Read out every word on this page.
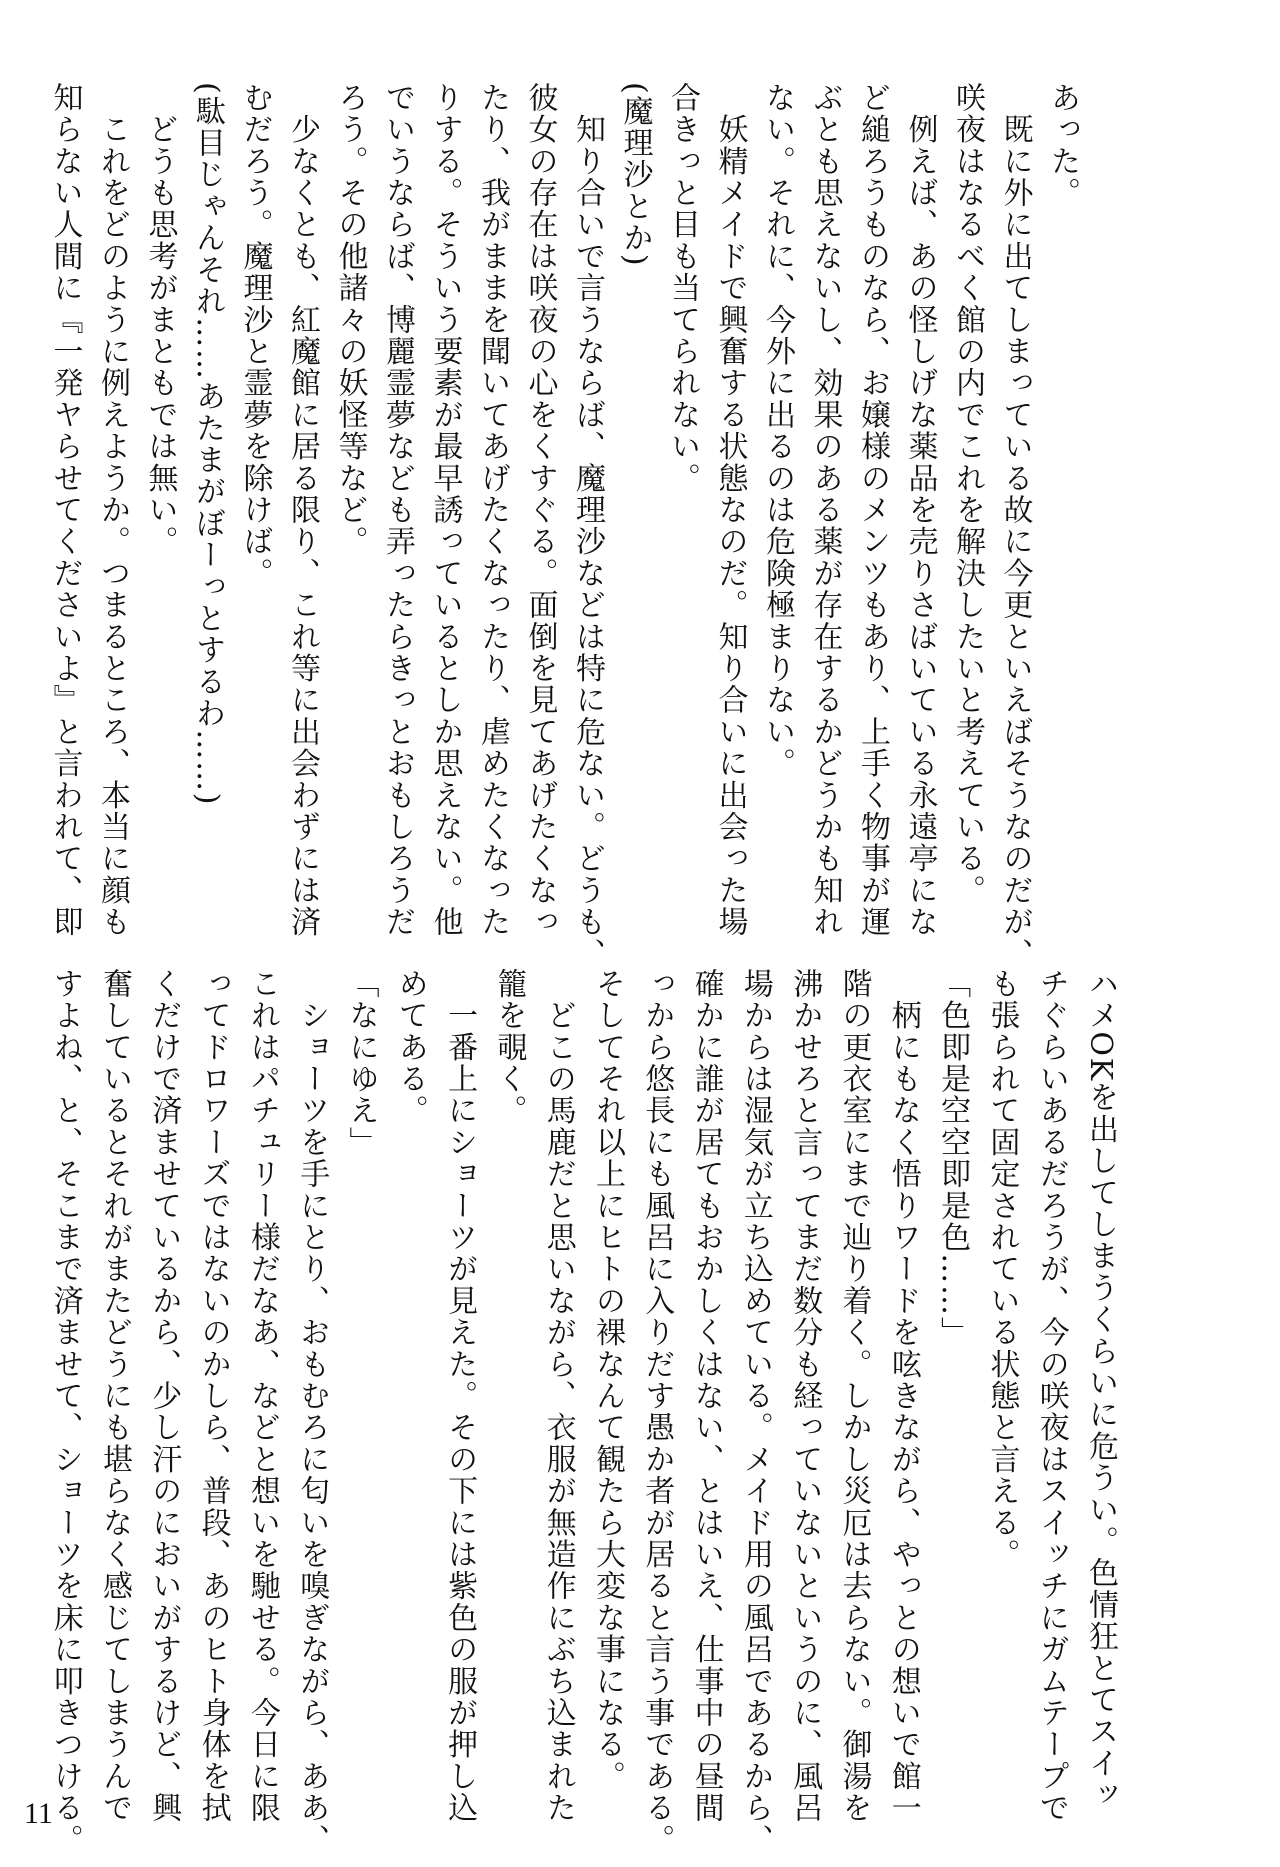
あった。
　既に外に出てしまっている故に今更といえばそうなのだが、
咲夜はなるべく館の内でこれを解決したいと考えている。
　例えば、あの怪しげな薬品を売りさばいている永遠亭にな
ど縋ろうものなら、お嬢様のメンツもあり、上手く物事が運
ぶとも思えないし、効果のある薬が存在するかどうかも知れ
ない。それに、今外に出るのは危険極まりない。
　妖精メイドで興奮する状態なのだ。知り合いに出会った場
合きっと目も当てられない。
(魔理沙とか)
　知り合いで言うならば、魔理沙などは特に危ない。どうも、
彼女の存在は咲夜の心をくすぐる。面倒を見てあげたくなっ
たり、我がままを聞いてあげたくなったり、虐めたくなった
りする。そういう要素が最早誘っているとしか思えない。他
でいうならば、博麗霊夢なども弄ったらきっとおもしろうだ
ろう。その他諸々の妖怪等など。
　少なくとも、紅魔館に居る限り、これ等に出会わずには済
むだろう。魔理沙と霊夢を除けば。
(駄目じゃんそれ……あたまがぼーっとするわ……)
　どうも思考がまともでは無い。
　これをどのように例えようか。つまるところ、本当に顔も
知らない人間に『一発ヤらせてくださいよ』と言われて、即
ハメOKを出してしまうくらいに危うい。色情狂とてスイッ
チぐらいあるだろうが、今の咲夜はスイッチにガムテープで
も張られて固定されている状態と言える。
「色即是空空即是色……」
　柄にもなく悟りワードを呟きながら、やっとの想いで館一
階の更衣室にまで辿り着く。しかし災厄は去らない。御湯を
沸かせろと言ってまだ数分も経っていないというのに、風呂
場からは湿気が立ち込めている。メイド用の風呂であるから、
確かに誰が居てもおかしくはない、とはいえ、仕事中の昼間
っから悠長にも風呂に入りだす愚か者が居ると言う事である。
そしてそれ以上にヒトの裸なんて観たら大変な事になる。
　どこの馬鹿だと思いながら、衣服が無造作にぶち込まれた
籠を覗く。
　一番上にショーツが見えた。その下には紫色の服が押し込
めてある。
「なにゆえ」
　ショーツを手にとり、おもむろに匂いを嗅ぎながら、ああ、
これはパチュリー様だなあ、などと想いを馳せる。今日に限
ってドロワーズではないのかしら、普段、あのヒト身体を拭
くだけで済ませているから、少し汗のにおいがするけど、興
奮しているとそれがまたどうにも堪らなく感じてしまうんで
すよね、と、そこまで済ませて、ショーツを床に叩きつける。
11
